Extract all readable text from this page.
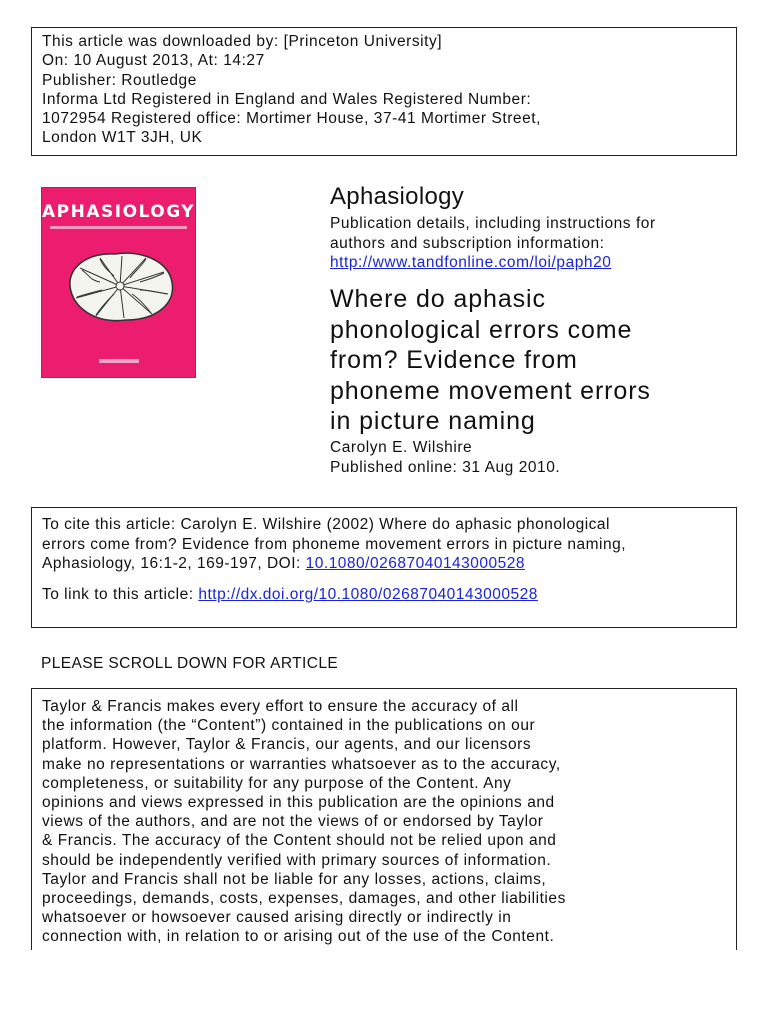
This article was downloaded by: [Princeton University]
On: 10 August 2013, At: 14:27
Publisher: Routledge
Informa Ltd Registered in England and Wales Registered Number:
1072954 Registered office: Mortimer House, 37-41 Mortimer Street,
London W1T 3JH, UK
APHASIOLOGY
Aphasiology
Publication details, including instructions for
authors and subscription information:
http://www.tandfonline.com/loi/paph20
Where do aphasic
phonological errors come
from? Evidence from
phoneme movement errors
in picture naming
Carolyn E. Wilshire
Published online: 31 Aug 2010.
To cite this article: Carolyn E. Wilshire (2002) Where do aphasic phonological
errors come from? Evidence from phoneme movement errors in picture naming,
Aphasiology, 16:1-2, 169-197, DOI: 10.1080/02687040143000528
To link to this article: http://dx.doi.org/10.1080/02687040143000528
PLEASE SCROLL DOWN FOR ARTICLE
Taylor & Francis makes every effort to ensure the accuracy of all
the information (the “Content”) contained in the publications on our
platform. However, Taylor & Francis, our agents, and our licensors
make no representations or warranties whatsoever as to the accuracy,
completeness, or suitability for any purpose of the Content. Any
opinions and views expressed in this publication are the opinions and
views of the authors, and are not the views of or endorsed by Taylor
& Francis. The accuracy of the Content should not be relied upon and
should be independently verified with primary sources of information.
Taylor and Francis shall not be liable for any losses, actions, claims,
proceedings, demands, costs, expenses, damages, and other liabilities
whatsoever or howsoever caused arising directly or indirectly in
connection with, in relation to or arising out of the use of the Content.
